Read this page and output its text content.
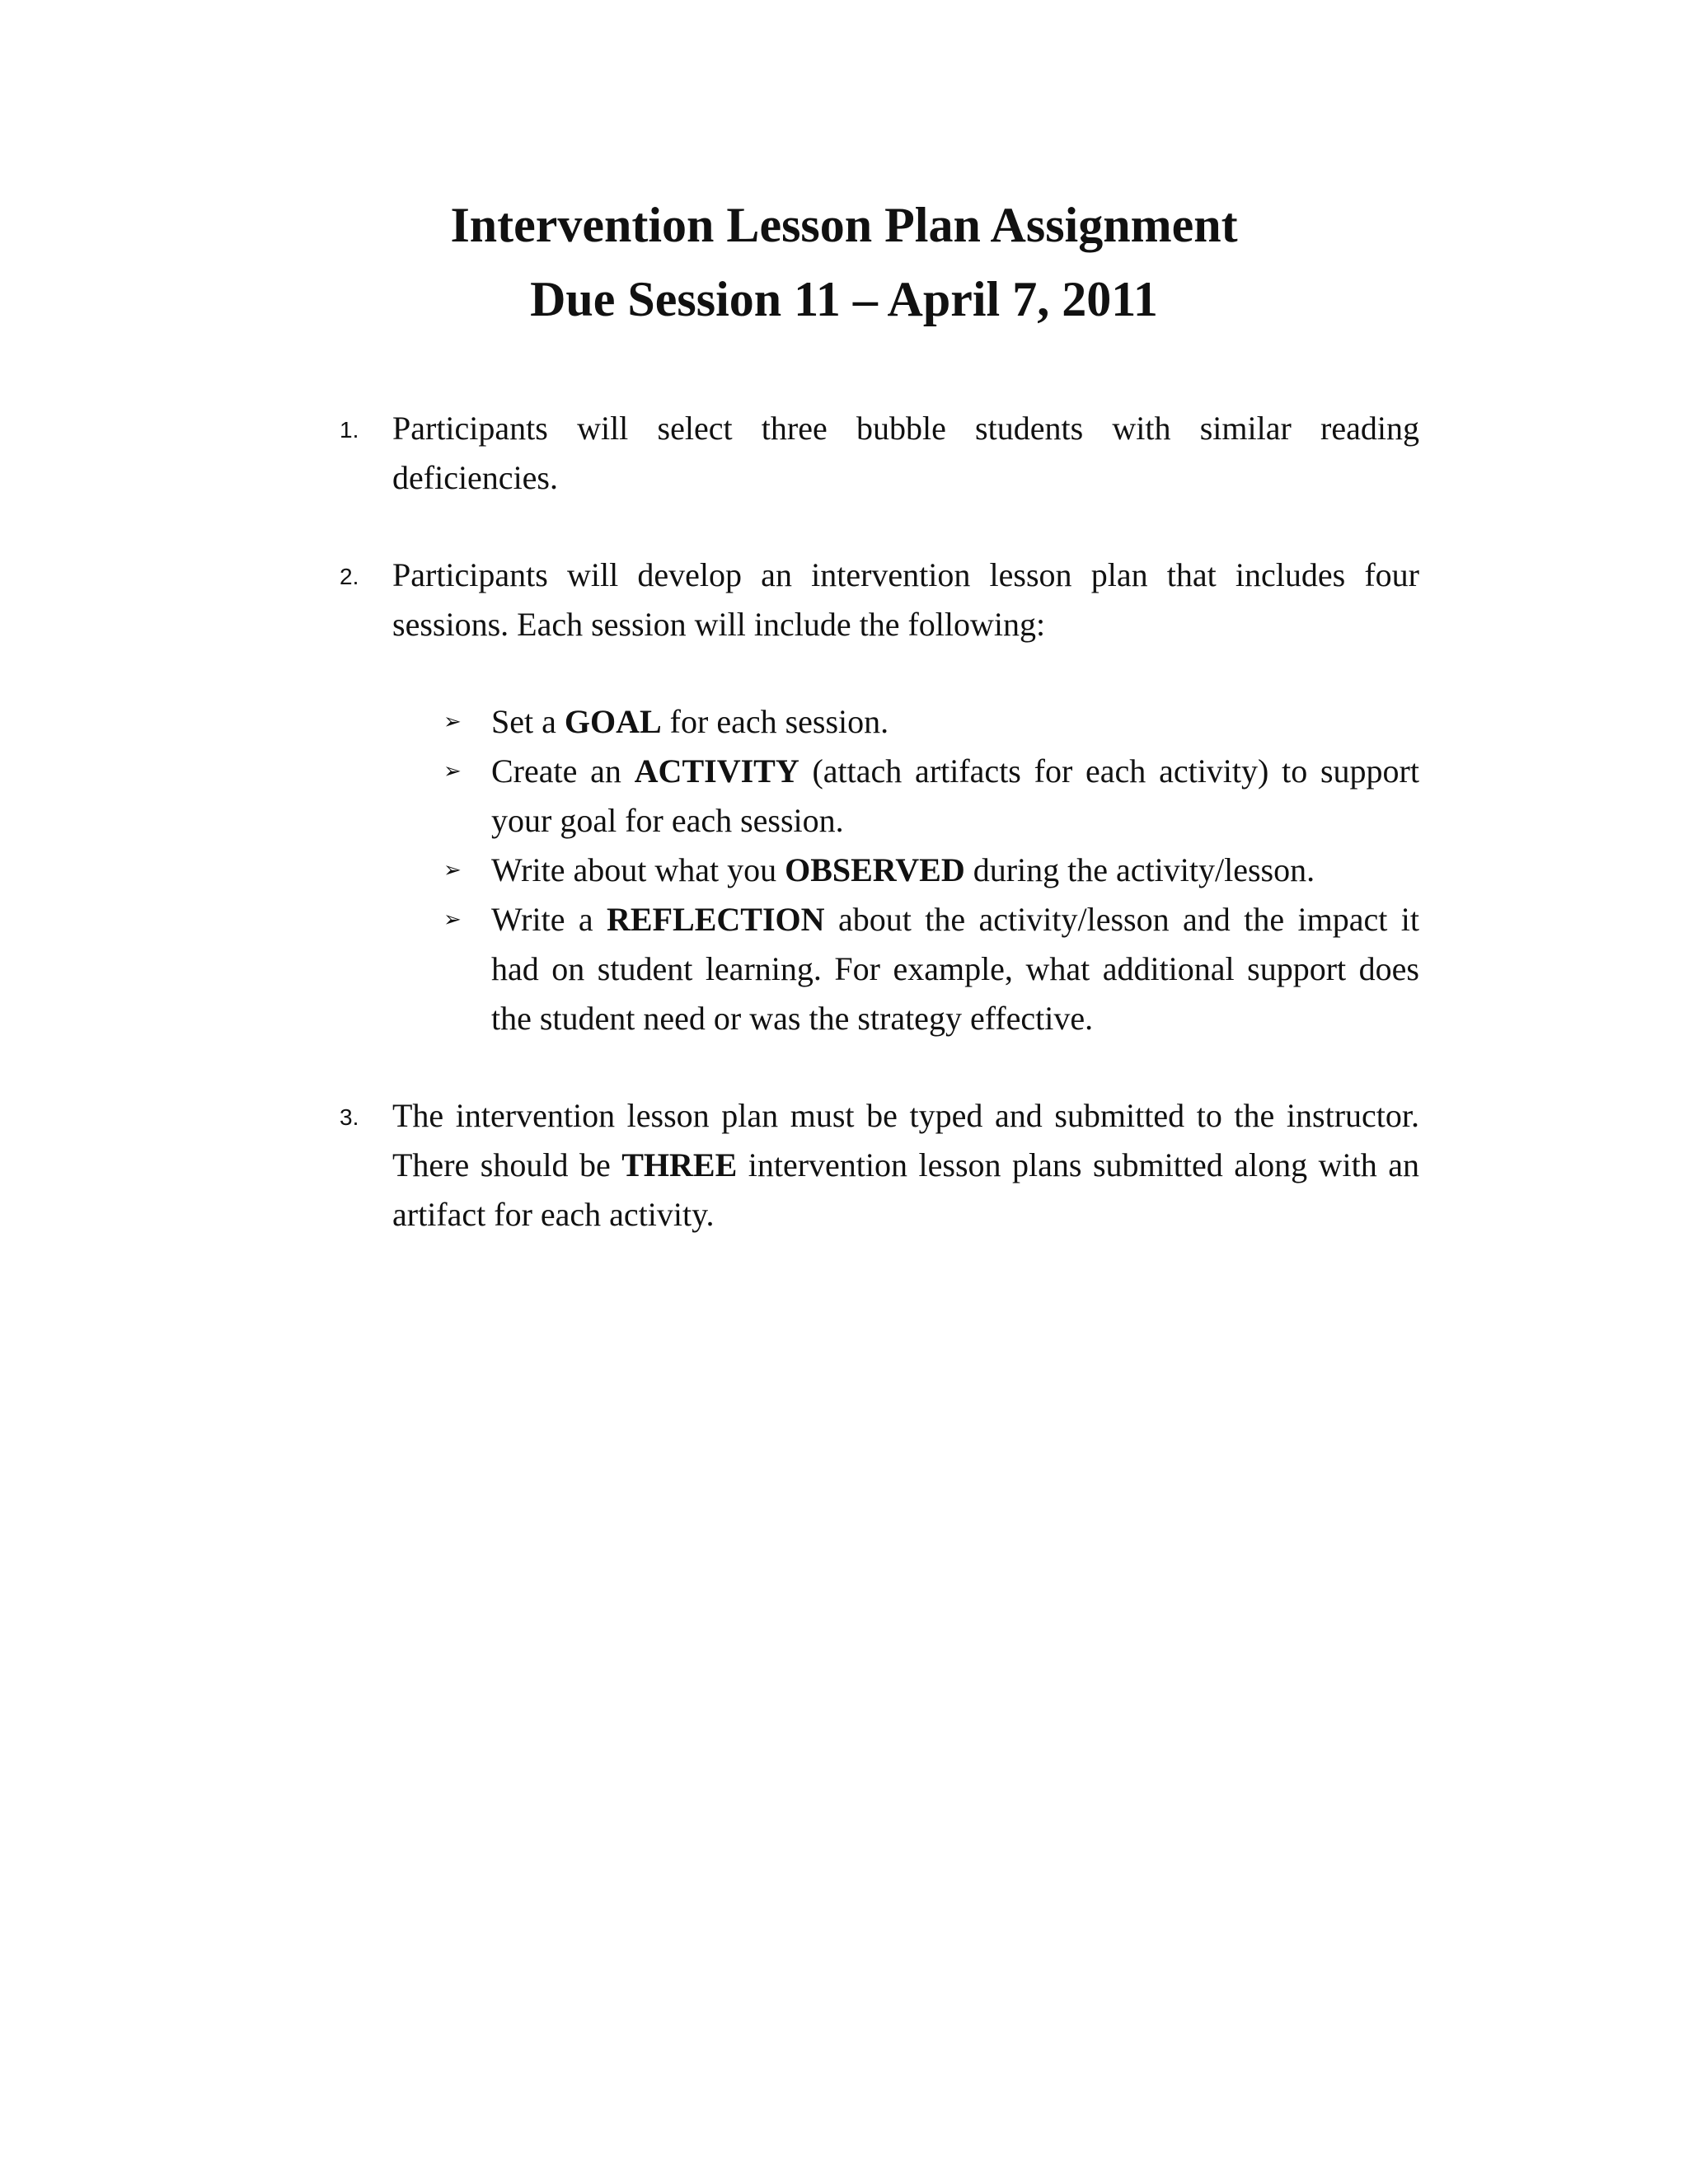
Intervention Lesson Plan Assignment
Due Session 11 – April 7, 2011
1. Participants will select three bubble students with similar reading deficiencies.
2. Participants will develop an intervention lesson plan that includes four sessions. Each session will include the following:
➢ Set a GOAL for each session.
➢ Create an ACTIVITY (attach artifacts for each activity) to support your goal for each session.
➢ Write about what you OBSERVED during the activity/lesson.
➢ Write a REFLECTION about the activity/lesson and the impact it had on student learning. For example, what additional support does the student need or was the strategy effective.
3. The intervention lesson plan must be typed and submitted to the instructor. There should be THREE intervention lesson plans submitted along with an artifact for each activity.
